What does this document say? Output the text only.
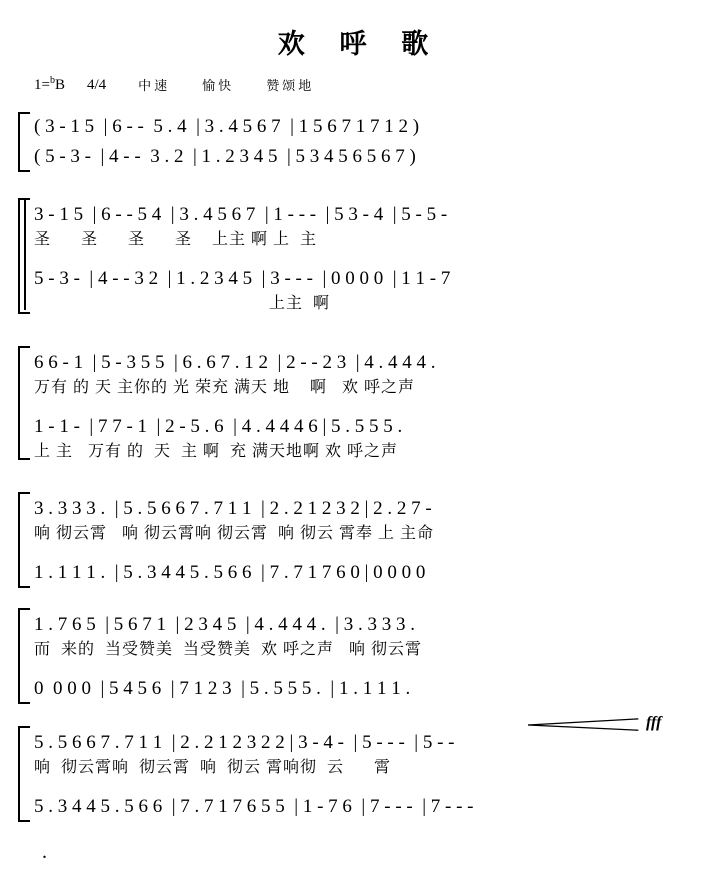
欢 呼 歌
1=$^b$B 4/4 中速 愉快 赞颂地
( 3 - 1 5  | 6 - -  5 . 4  | 3 . 4 5 6 7  | 1 5 6 7 1 7 1 2 )
( 5 - 3 -  | 4 - -  3 . 2  | 1 . 2 3 4 5  | 5 3 4 5 6 5 6 7 )
3 - 1 5  | 6 - - 5 4  | 3 . 4 5 6 7  | 1 - - -  | 5 3 - 4  | 5 - 5 -
圣      圣      圣      圣    上主 啊 上  主
5 - 3 -  | 4 - - 3 2  | 1 . 2 3 4 5  | 3 - - -  | 0 0 0 0  | 1 1 - 7
上主  啊
6 6 - 1  | 5 - 3 5 5  | 6 . 6 7 . 1 2  | 2 - - 2 3  | 4 . 4 4 4 .
万有 的 天 主你的 光 荣充 满天 地    啊   欢 呼之声
1 - 1 -  | 7 7 - 1  | 2 - 5 . 6  | 4 . 4 4 4 6 | 5 . 5 5 5 .
上 主   万有 的  天  主 啊  充 满天地啊 欢 呼之声
3 . 3 3 3 .  | 5 . 5 6 6 7 . 7 1 1  | 2 . 2 1 2 3 2 | 2 . 2 7 -
响 彻云霄   响 彻云霄响 彻云霄  响 彻云 霄奉 上 主命
1 . 1 1 1 .  | 5 . 3 4 4 5 . 5 6 6  | 7 . 7 1 7 6 0 | 0 0 0 0
1 . 7 6 5  | 5 6 7 1  | 2 3 4 5  | 4 . 4 4 4 .  | 3 . 3 3 3 .
而  来的  当受赞美  当受赞美  欢 呼之声   响 彻云霄
0  0 0 0  | 5 4 5 6  | 7 1 2 3  | 5 . 5 5 5 .  | 1 . 1 1 1 .
fff
5 . 5 6 6 7 . 7 1 1  | 2 . 2 1 2 3 2 2 | 3 - 4 -  | 5 - - -  | 5 - -
响  彻云霄响  彻云霄  响  彻云 霄响彻  云      霄
5 . 3 4 4 5 . 5 6 6  | 7 . 7 1 7 6 5 5  | 1 - 7 6  | 7 - - -  | 7 - - -
.
